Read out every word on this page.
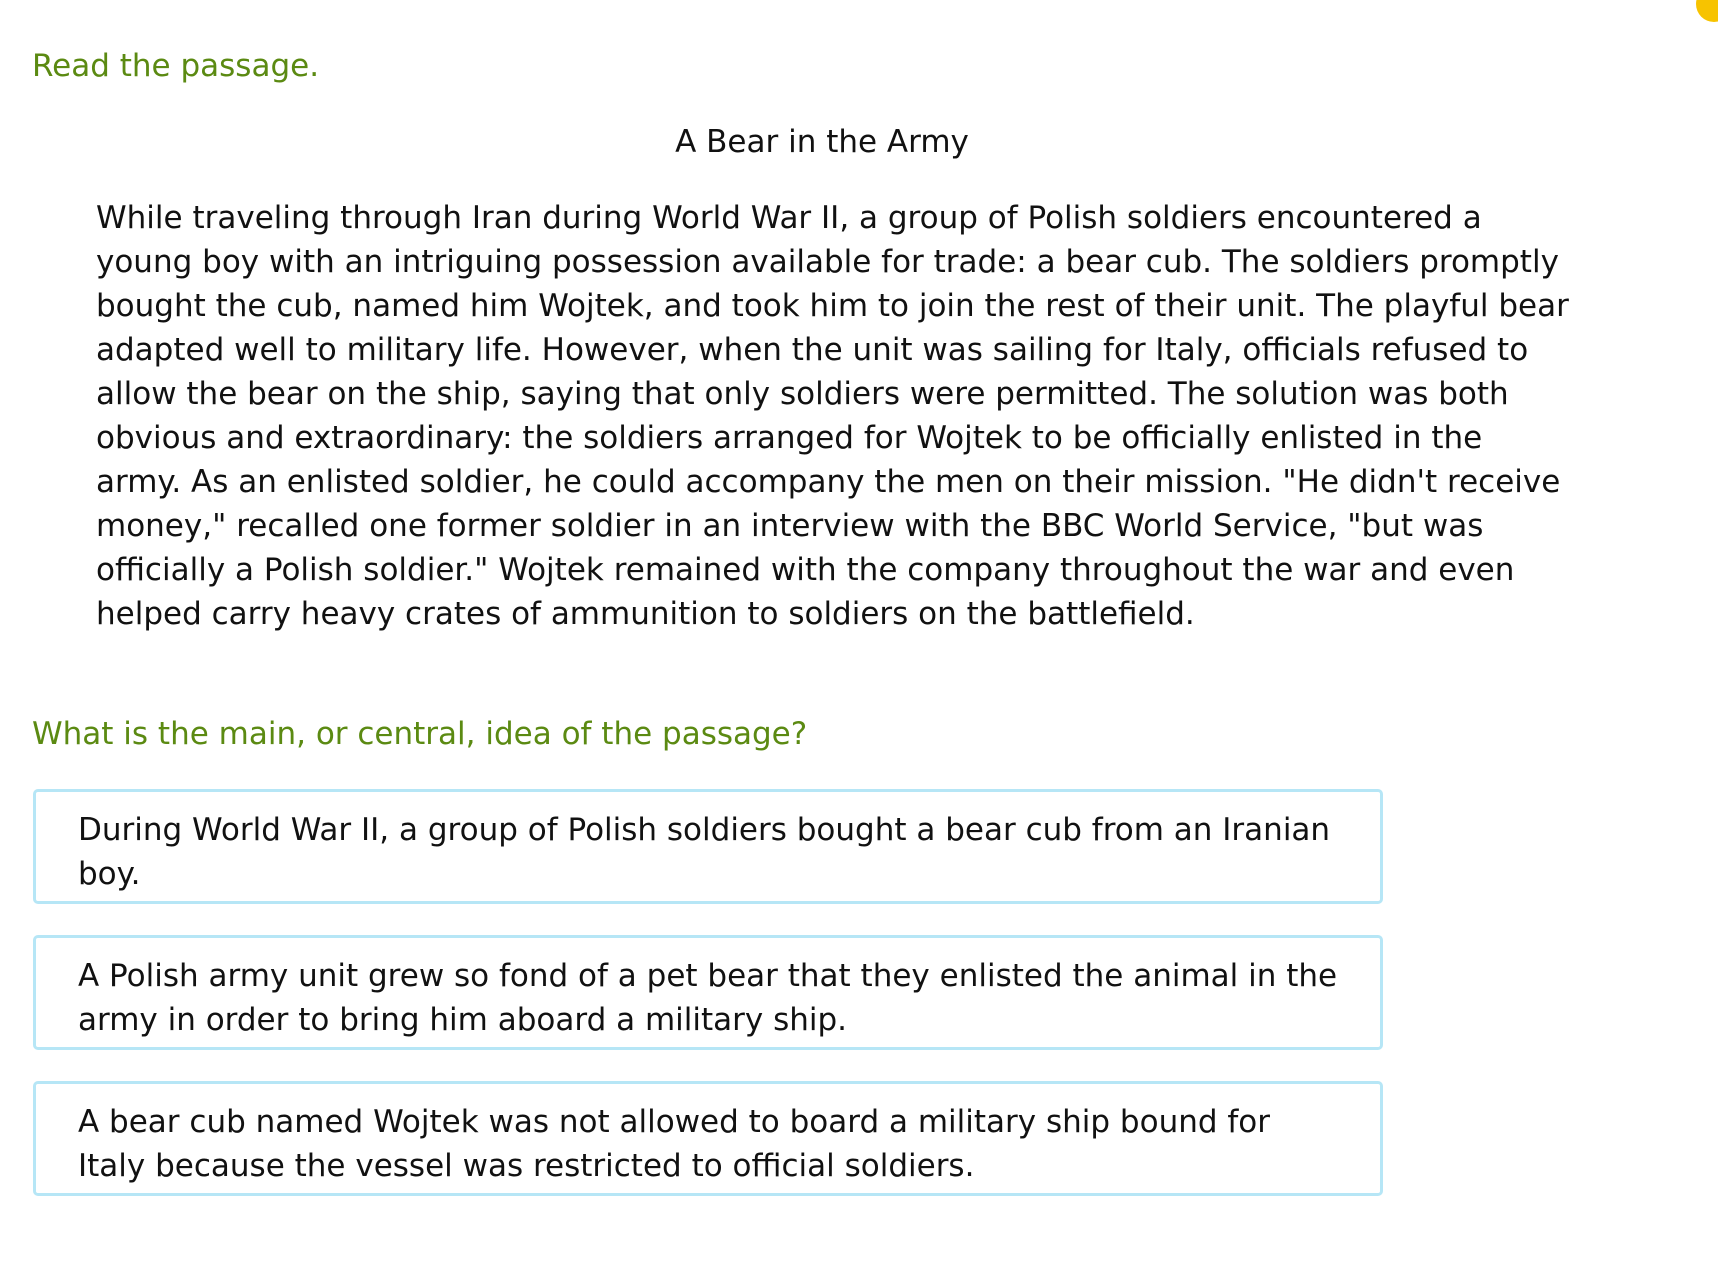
Read the passage.
A Bear in the Army

While traveling through Iran during World War II, a group of Polish soldiers encountered a young boy with an intriguing possession available for trade: a bear cub. The soldiers promptly bought the cub, named him Wojtek, and took him to join the rest of their unit. The playful bear adapted well to military life. However, when the unit was sailing for Italy, officials refused to allow the bear on the ship, saying that only soldiers were permitted. The solution was both obvious and extraordinary: the soldiers arranged for Wojtek to be officially enlisted in the army. As an enlisted soldier, he could accompany the men on their mission. "He didn't receive money," recalled one former soldier in an interview with the BBC World Service, "but was officially a Polish soldier." Wojtek remained with the company throughout the war and even helped carry heavy crates of ammunition to soldiers on the battlefield.

What is the main, or central, idea of the passage?
During World War II, a group of Polish soldiers bought a bear cub from an Iranian boy.
A Polish army unit grew so fond of a pet bear that they enlisted the animal in the army in order to bring him aboard a military ship.
A bear cub named Wojtek was not allowed to board a military ship bound for Italy because the vessel was restricted to official soldiers.
